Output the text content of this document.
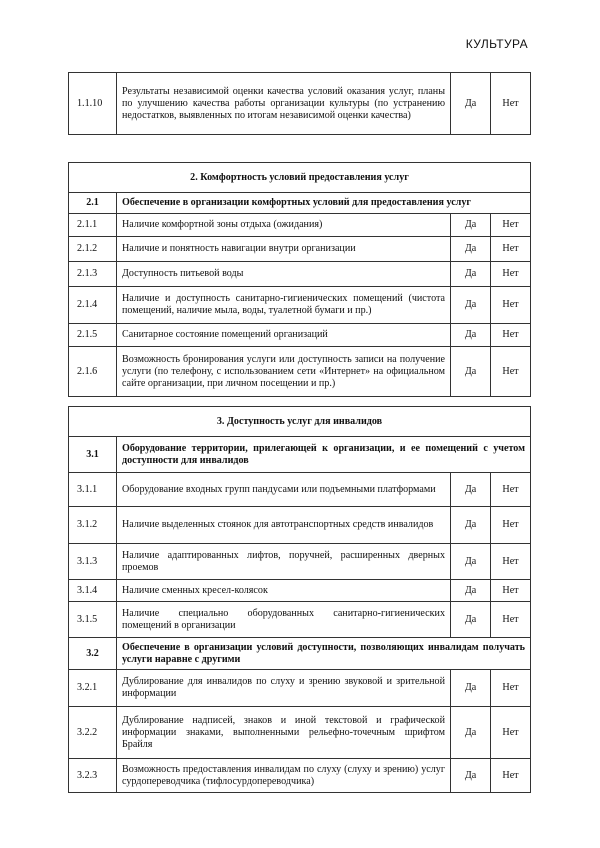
КУЛЬТУРА
1.1.10	Результаты независимой оценки качества условий оказания услуг, планы по улучшению качества работы организации культуры (по устранению недостатков, выявленных по итогам независимой оценки качества)	Да	Нет
2. Комфортность условий предоставления услуг			
2.1	Обеспечение в организации комфортных условий для предоставления услуг		
2.1.1	Наличие комфортной зоны отдыха (ожидания)	Да	Нет
2.1.2	Наличие и понятность навигации внутри организации	Да	Нет
2.1.3	Доступность питьевой воды	Да	Нет
2.1.4	Наличие и доступность санитарно-гигиенических помещений (чистота помещений, наличие мыла, воды, туалетной бумаги и пр.)	Да	Нет
2.1.5	Санитарное состояние помещений организаций	Да	Нет
2.1.6	Возможность бронирования услуги или доступность записи на получение услуги (по телефону, с использованием сети «Интернет» на официальном сайте организации, при личном посещении и пр.)	Да	Нет
3. Доступность услуг для инвалидов			
3.1	Оборудование территории, прилегающей к организации, и ее помещений с учетом доступности для инвалидов		
3.1.1	Оборудование входных групп пандусами или подъемными платформами	Да	Нет
3.1.2	Наличие выделенных стоянок для автотранспортных средств инвалидов	Да	Нет
3.1.3	Наличие адаптированных лифтов, поручней, расширенных дверных проемов	Да	Нет
3.1.4	Наличие сменных кресел-колясок	Да	Нет
3.1.5	Наличие специально оборудованных санитарно-гигиенических помещений в организации	Да	Нет
3.2	Обеспечение в организации условий доступности, позволяющих инвалидам получать услуги наравне с другими		
3.2.1	Дублирование для инвалидов по слуху и зрению звуковой и зрительной информации	Да	Нет
3.2.2	Дублирование надписей, знаков и иной текстовой и графической информации знаками, выполненными рельефно-точечным шрифтом Брайля	Да	Нет
3.2.3	Возможность предоставления инвалидам по слуху (слуху и зрению) услуг сурдопереводчика (тифлосурдопереводчика)	Да	Нет
